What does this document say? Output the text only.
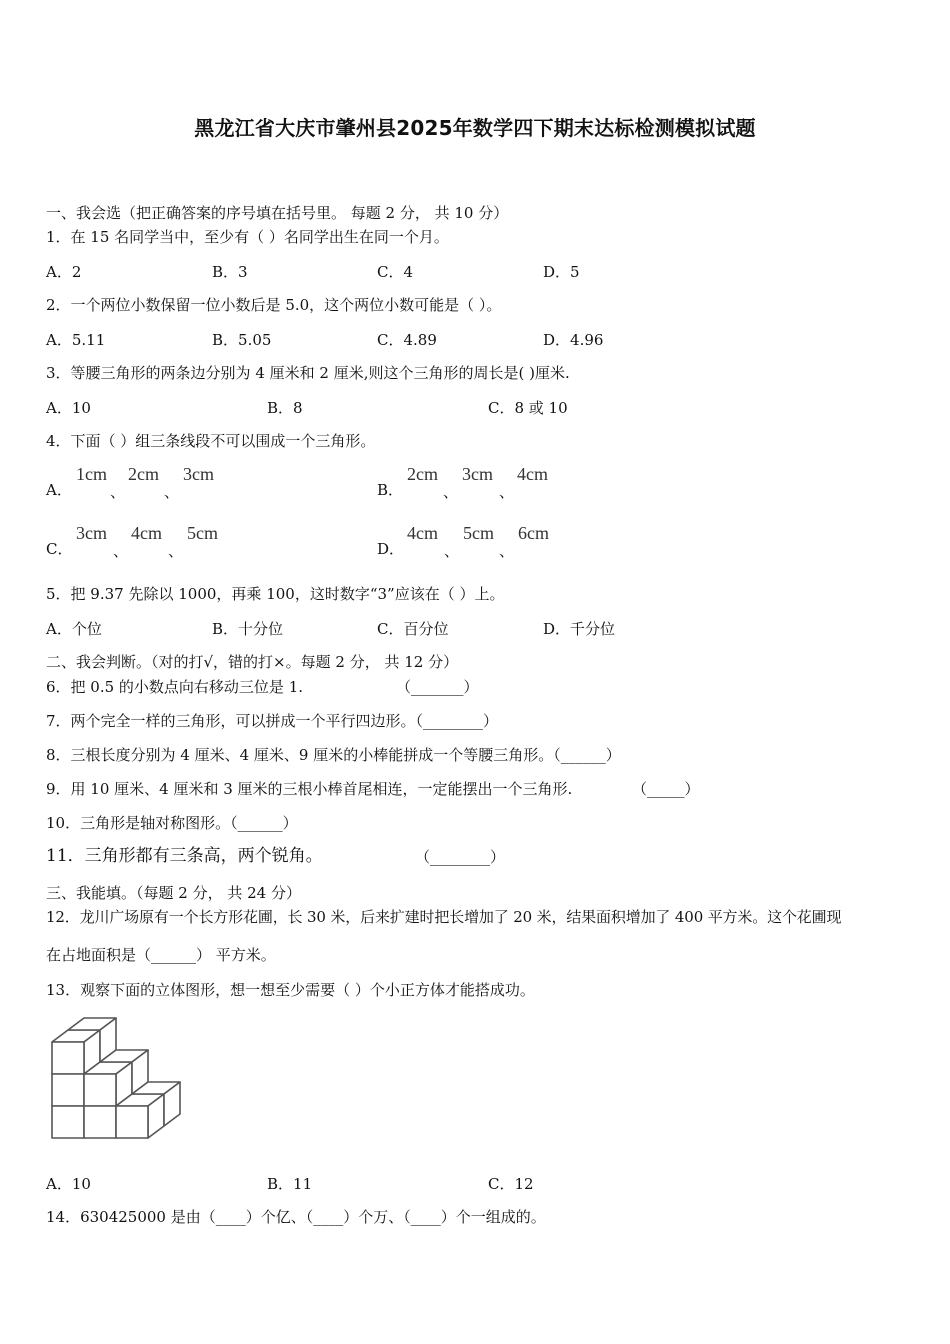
黑龙江省大庆市肇州县2025年数学四下期末达标检测模拟试题
一、我会选（把正确答案的序号填在括号里。 每题 2 分， 共 10 分）
1．在 15 名同学当中，至少有（ ）名同学出生在同一个月。
A．2	B．3	C．4	D．5
2．一个两位小数保留一位小数后是 5.0，这个两位小数可能是（ ）。
A．5.11	B．5.05	C．4.89	D．4.96
3．等腰三角形的两条边分别为 4 厘米和 2 厘米,则这个三角形的周长是( )厘米.
A．10	B．8	C．8 或 10
4．下面（ ）组三条线段不可以围成一个三角形。
A．
1cm
、
2cm
、
3cm
B．
2cm
、
3cm
、
4cm
C．
3cm
、
4cm
、
5cm
D．
4cm
、
5cm
、
6cm
5．把 9.37 先除以 1000，再乘 100，这时数字“3”应该在（ ）上。
A．个位	B．十分位	C．百分位	D．千分位
二、我会判断。（对的打√，错的打×。每题 2 分， 共 12 分）
6．把 0.5 的小数点向右移动三位是 1.	（_______）
7．两个完全一样的三角形，可以拼成一个平行四边形。（________）
8．三根长度分别为 4 厘米、4 厘米、9 厘米的小棒能拼成一个等腰三角形。（______）
9．用 10 厘米、4 厘米和 3 厘米的三根小棒首尾相连，一定能摆出一个三角形.	（_____）
10．三角形是轴对称图形。（______）
11．三角形都有三条高，两个锐角。	（________）
三、我能填。（每题 2 分， 共 24 分）
12．龙川广场原有一个长方形花圃，长 30 米，后来扩建时把长增加了 20 米，结果面积增加了 400 平方米。这个花圃现
在占地面积是（______） 平方米。
13．观察下面的立体图形，想一想至少需要（ ）个小正方体才能搭成功。
A．10	B．11	C．12
14．630425000 是由（____）个亿、（____）个万、（____）个一组成的。
